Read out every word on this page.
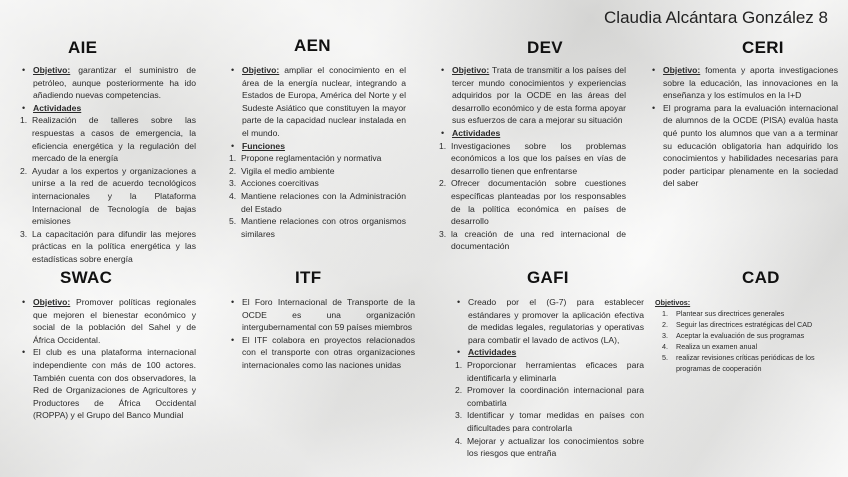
Claudia Alcántara González 8
AIE
• Objetivo: garantizar el suministro de petróleo, aunque posteriormente ha ido añadiendo nuevas competencias.
• Actividades
1. Realización de talleres sobre las respuestas a casos de emergencia, la eficiencia energética y la regulación del mercado de la energía
2. Ayudar a los expertos y organizaciones a unirse a la red de acuerdo tecnológicos internacionales y la Plataforma Internacional de Tecnología de bajas emisiones
3. La capacitación para difundir las mejores prácticas en la política energética y las estadísticas sobre energía
AEN
• Objetivo: ampliar el conocimiento en el área de la energía nuclear, integrando a Estados de Europa, América del Norte y el Sudeste Asiático que constituyen la mayor parte de la capacidad nuclear instalada en el mundo.
• Funciones
1. Propone reglamentación y normativa
2. Vigila el medio ambiente
3. Acciones coercitivas
4. Mantiene relaciones con la Administración del Estado
5. Mantiene relaciones con otros organismos similares
DEV
• Objetivo: Trata de transmitir a los países del tercer mundo conocimientos y experiencias adquiridos por la OCDE en las áreas del desarrollo económico y de esta forma apoyar sus esfuerzos de cara a mejorar su situación
• Actividades
1. Investigaciones sobre los problemas económicos a los que los países en vías de desarrollo tienen que enfrentarse
2. Ofrecer documentación sobre cuestiones específicas planteadas por los responsables de la política económica en países de desarrollo
3. la creación de una red internacional de documentación
CERI
• Objetivo: fomenta y aporta investigaciones sobre la educación, las innovaciones en la enseñanza y los estímulos en la I+D
• El programa para la evaluación internacional de alumnos de la OCDE (PISA) evalúa hasta qué punto los alumnos que van a a terminar su educación obligatoria han adquirido los conocimientos y habilidades necesarias para poder participar plenamente en la sociedad del saber
SWAC
• Objetivo: Promover políticas regionales que mejoren el bienestar económico y social de la población del Sahel y de África Occidental.
• El club es una plataforma internacional independiente con más de 100 actores. También cuenta con dos observadores, la Red de Organizaciones de Agricultores y Productores de África Occidental (ROPPA) y el Grupo del Banco Mundial
ITF
• El Foro Internacional de Transporte de la OCDE es una organización intergubernamental con 59 países miembros
• El ITF colabora en proyectos relacionados con el transporte con otras organizaciones internacionales como las naciones unidas
GAFI
• Creado por el (G-7) para establecer estándares y promover la aplicación efectiva de medidas legales, regulatorias y operativas para combatir el lavado de activos (LA),
• Actividades
1. Proporcionar herramientas eficaces para identificarla y eliminarla
2. Promover la coordinación internacional para combatirla
3. Identificar y tomar medidas en países con dificultades para controlarla
4. Mejorar y actualizar los conocimientos sobre los riesgos que entraña
CAD
Objetivos:
1. Plantear sus directrices generales
2. Seguir las directrices estratégicas del CAD
3. Aceptar la evaluación de sus programas
4. Realiza un examen anual
5. realizar revisiones críticas periódicas de los programas de cooperación
